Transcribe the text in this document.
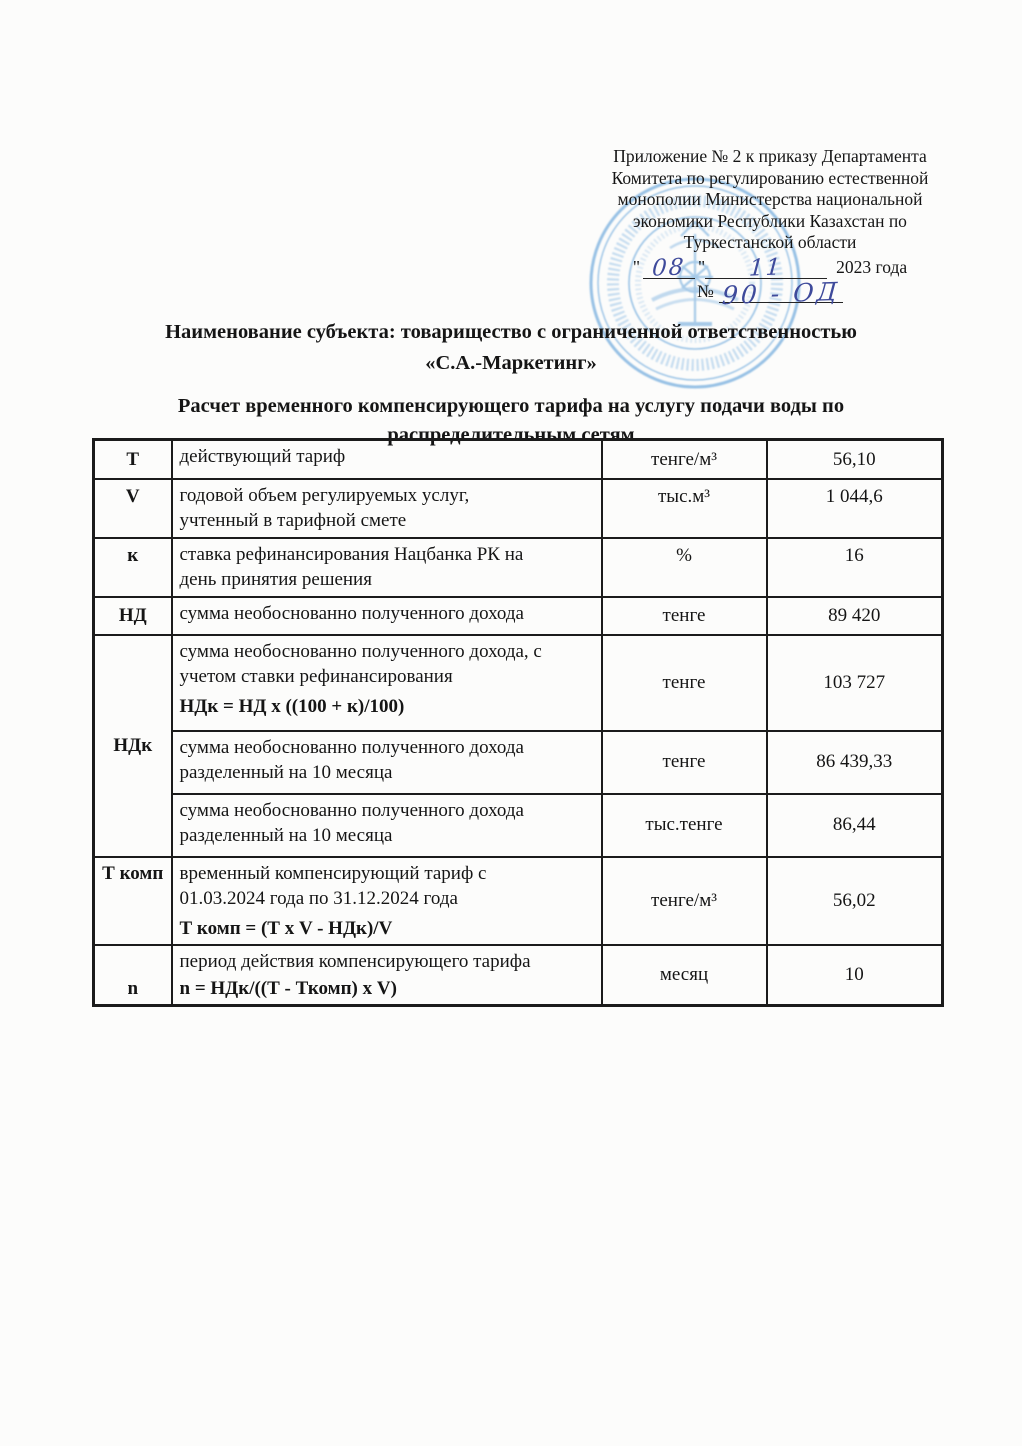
Приложение № 2 к приказу Департамента
Комитета по регулированию естественной
монополии Министерства национальной
экономики Республики Казахстан по
Туркестанской области
" 08 "	11	2023 года
№ 90 - ОД
Наименование субъекта: товарищество с ограниченной ответственностью
«С.А.-Маркетинг»
Расчет временного компенсирующего тарифа на услугу подачи воды по
распределительным сетям
Т	действующий тариф	тенге/м³	56,10
V	годовой объем регулируемых услуг,
учтенный в тарифной смете	тыс.м³	1 044,6
к	ставка рефинансирования Нацбанка РК на
день принятия решения	%	16
НД	сумма необоснованно полученного дохода	тенге	89 420
НДк	сумма необоснованно полученного дохода, с
учетом ставки рефинансирования
НДк = НД х ((100 + к)/100)	тенге	103 727

	сумма необоснованно полученного дохода
разделенный на 10 месяца	тенге	86 439,33

	сумма необоснованно полученного дохода
разделенный на 10 месяца	тыс.тенге	86,44
Т комп	временный компенсирующий тариф с
01.03.2024 года по 31.12.2024 года
Т комп = (Т х V - НДк)/V	тенге/м³	56,02
n	период действия компенсирующего тарифа
n = НДк/((Т - Ткомп) х V)	месяц	10
